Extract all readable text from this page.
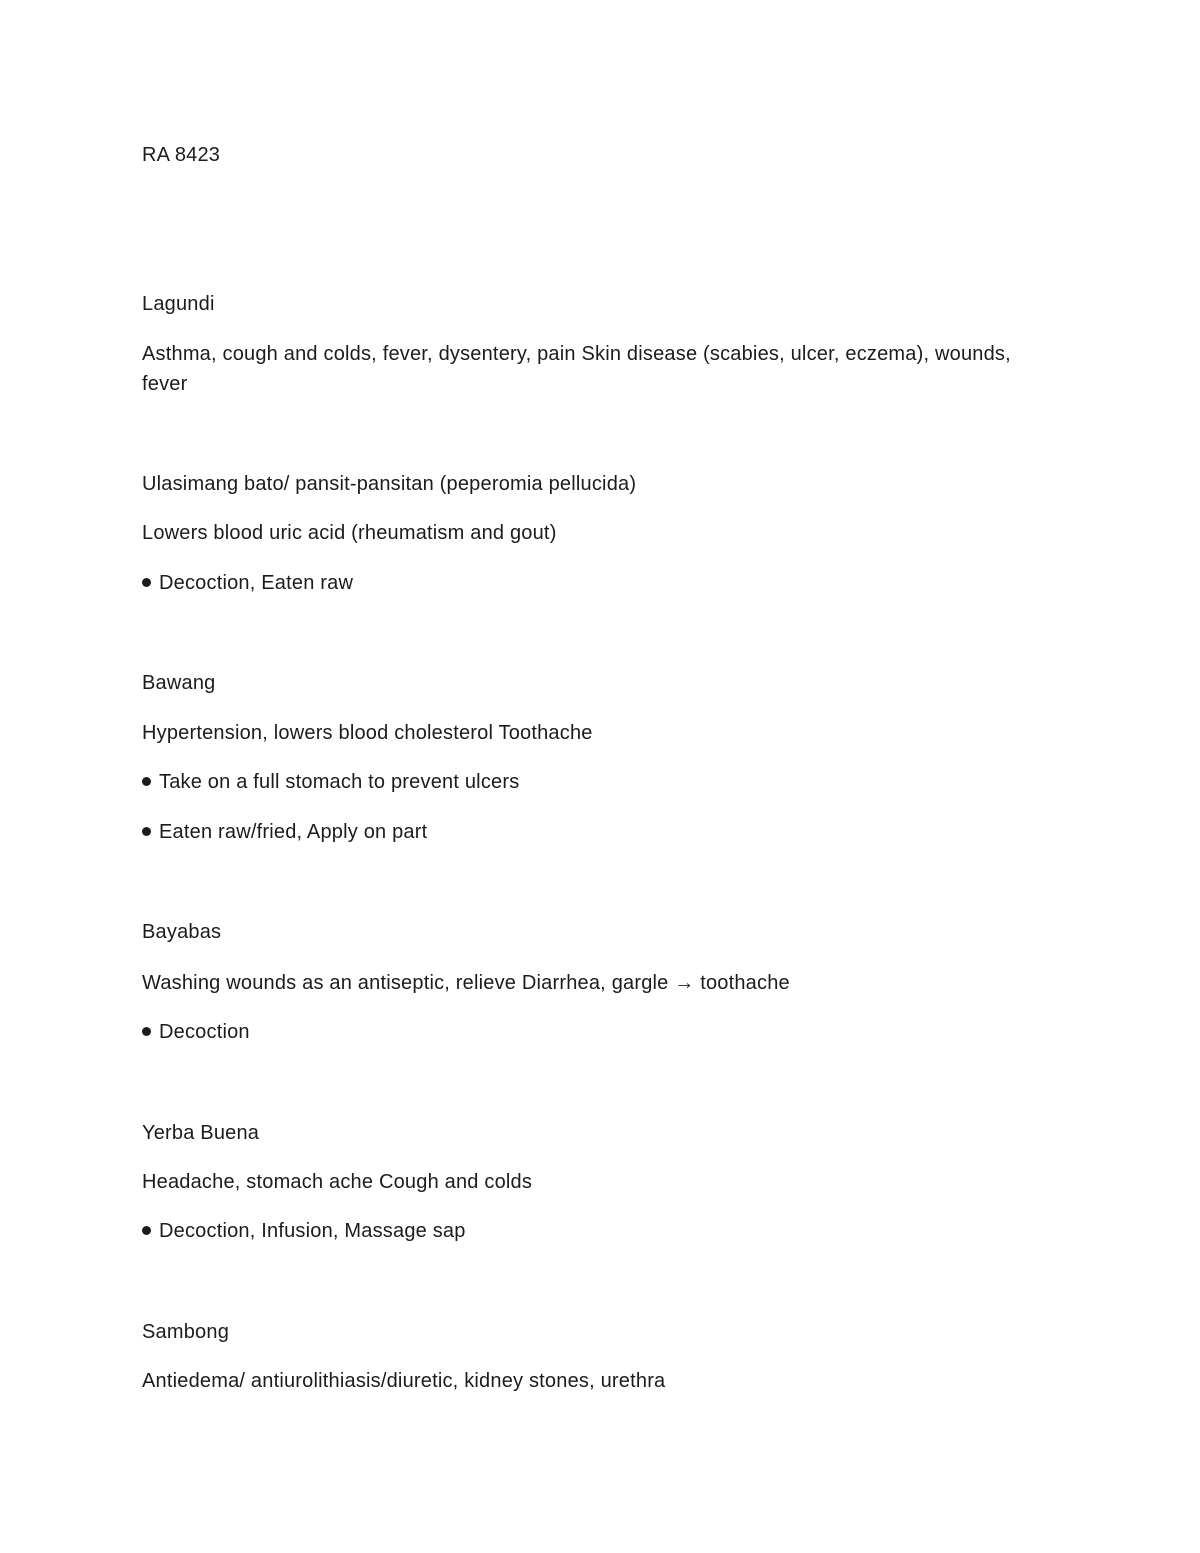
RA 8423
Lagundi
Asthma, cough and colds, fever, dysentery, pain Skin disease (scabies, ulcer, eczema), wounds, fever
Ulasimang bato/ pansit-pansitan (peperomia pellucida)
Lowers blood uric acid (rheumatism and gout)
Decoction, Eaten raw
Bawang
Hypertension, lowers blood cholesterol Toothache
Take on a full stomach to prevent ulcers
Eaten raw/fried, Apply on part
Bayabas
Washing wounds as an antiseptic, relieve Diarrhea, gargle → toothache
Decoction
Yerba Buena
Headache, stomach ache Cough and colds
Decoction, Infusion, Massage sap
Sambong
Antiedema/ antiurolithiasis/diuretic, kidney stones, urethra
